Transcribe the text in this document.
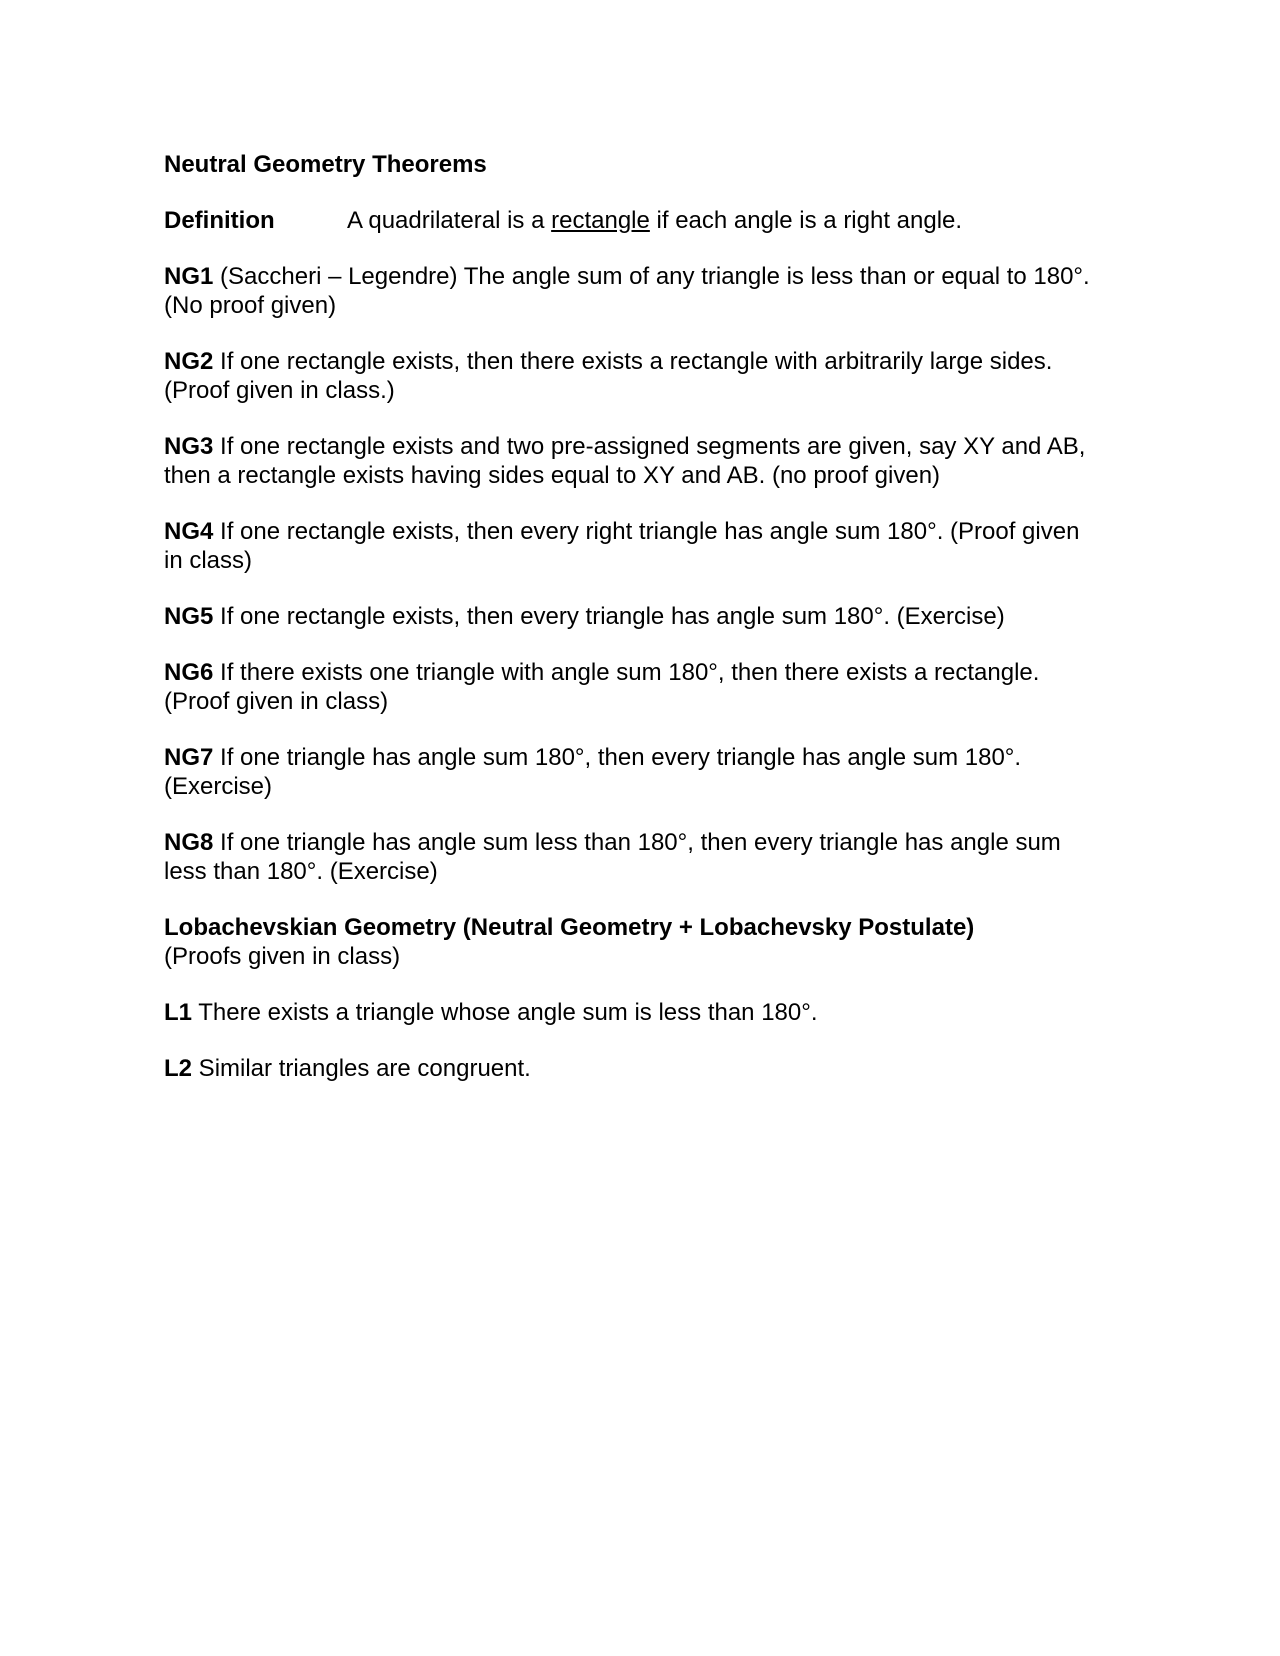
Neutral Geometry Theorems
Definition	A quadrilateral is a rectangle if each angle is a right angle.
NG1 (Saccheri – Legendre) The angle sum of any triangle is less than or equal to 180°. (No proof given)
NG2 If one rectangle exists, then there exists a rectangle with arbitrarily large sides. (Proof given in class.)
NG3 If one rectangle exists and two pre-assigned segments are given, say XY and AB, then a rectangle exists having sides equal to XY and AB. (no proof given)
NG4 If one rectangle exists, then every right triangle has angle sum 180°. (Proof given in class)
NG5 If one rectangle exists, then every triangle has angle sum 180°. (Exercise)
NG6 If there exists one triangle with angle sum 180°, then there exists a rectangle. (Proof given in class)
NG7 If one triangle has angle sum 180°, then every triangle has angle sum 180°. (Exercise)
NG8 If one triangle has angle sum less than 180°, then every triangle has angle sum less than 180°. (Exercise)
Lobachevskian Geometry (Neutral Geometry + Lobachevsky Postulate)
(Proofs given in class)
L1 There exists a triangle whose angle sum is less than 180°.
L2 Similar triangles are congruent.
